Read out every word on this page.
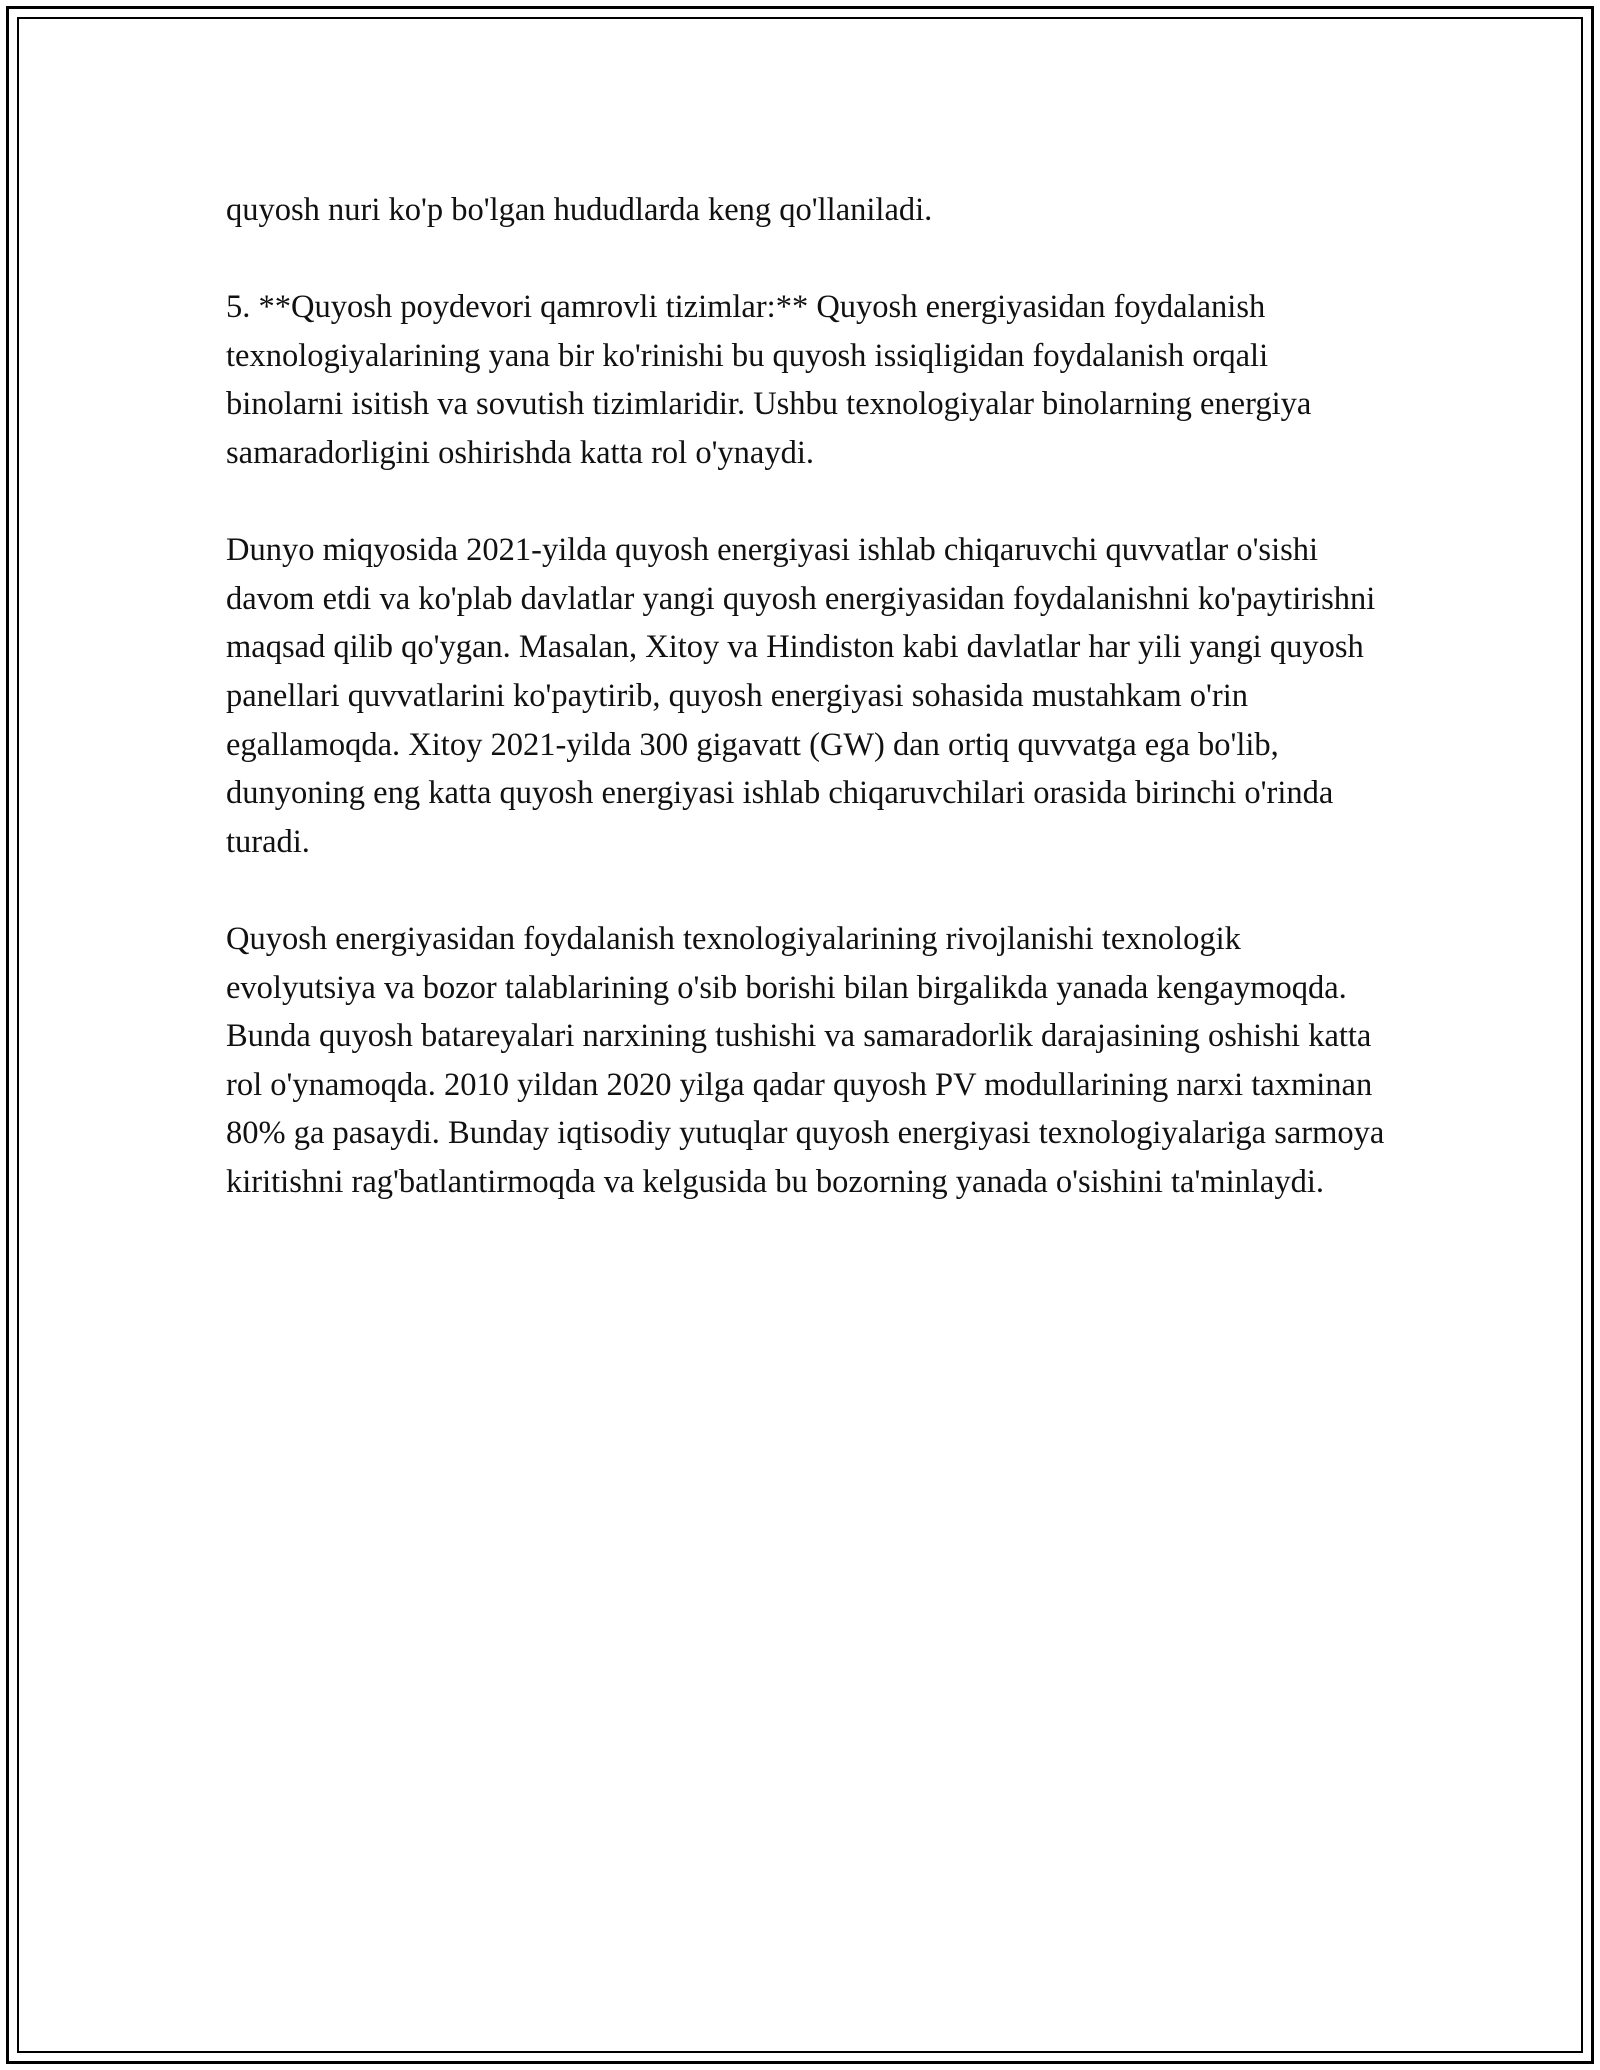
quyosh nuri ko'p bo'lgan hududlarda keng qo'llaniladi.

5. **Quyosh poydevori qamrovli tizimlar:** Quyosh energiyasidan foydalanish texnologiyalarining yana bir ko'rinishi bu quyosh issiqligidan foydalanish orqali binolarni isitish va sovutish tizimlaridir. Ushbu texnologiyalar binolarning energiya samaradorligini oshirishda katta rol o'ynaydi.

Dunyo miqyosida 2021-yilda quyosh energiyasi ishlab chiqaruvchi quvvatlar o'sishi davom etdi va ko'plab davlatlar yangi quyosh energiyasidan foydalanishni ko'paytirishni maqsad qilib qo'ygan. Masalan, Xitoy va Hindiston kabi davlatlar har yili yangi quyosh panellari quvvatlarini ko'paytirib, quyosh energiyasi sohasida mustahkam o'rin egallamoqda. Xitoy 2021-yilda 300 gigavatt (GW) dan ortiq quvvatga ega bo'lib, dunyoning eng katta quyosh energiyasi ishlab chiqaruvchilari orasida birinchi o'rinda turadi.

Quyosh energiyasidan foydalanish texnologiyalarining rivojlanishi texnologik evolyutsiya va bozor talablarining o'sib borishi bilan birgalikda yanada kengaymoqda. Bunda quyosh batareyalari narxining tushishi va samaradorlik darajasining oshishi katta rol o'ynamoqda. 2010 yildan 2020 yilga qadar quyosh PV modullarining narxi taxminan 80% ga pasaydi. Bunday iqtisodiy yutuqlar quyosh energiyasi texnologiyalariga sarmoya kiritishni rag'batlantirmoqda va kelgusida bu bozorning yanada o'sishini ta'minlaydi.
